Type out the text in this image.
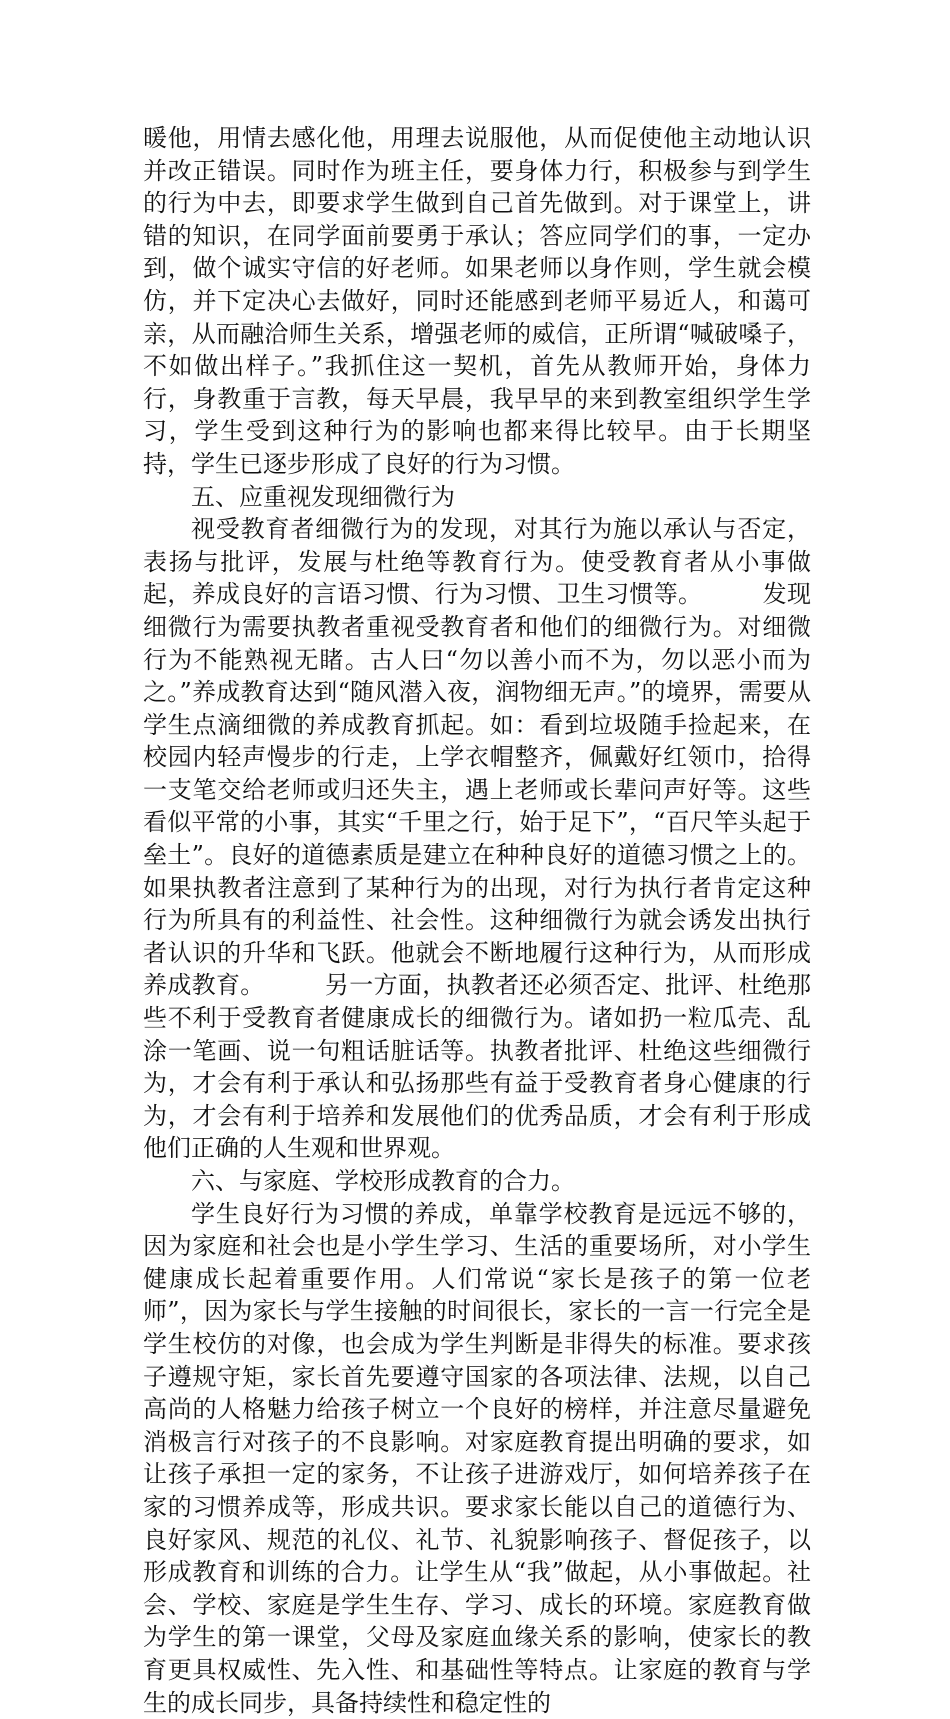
暖他，用情去感化他，用理去说服他，从而促使他主动地认识并改正错误。同时作为班主任，要身体力行，积极参与到学生的行为中去，即要求学生做到自己首先做到。对于课堂上，讲错的知识，在同学面前要勇于承认；答应同学们的事，一定办到，做个诚实守信的好老师。如果老师以身作则，学生就会模仿，并下定决心去做好，同时还能感到老师平易近人，和蔼可亲，从而融洽师生关系，增强老师的威信，正所谓“喊破嗓子，不如做出样子。”我抓住这一契机，首先从教师开始，身体力行，身教重于言教，每天早晨，我早早的来到教室组织学生学习，学生受到这种行为的影响也都来得比较早。由于长期坚持，学生已逐步形成了良好的行为习惯。

五、应重视发现细微行为

视受教育者细微行为的发现，对其行为施以承认与否定，表扬与批评，发展与杜绝等教育行为。使受教育者从小事做起，养成良好的言语习惯、行为习惯、卫生习惯等。	发现细微行为需要执教者重视受教育者和他们的细微行为。对细微行为不能熟视无睹。古人曰“勿以善小而不为，勿以恶小而为之。”养成教育达到“随风潜入夜，润物细无声。”的境界，需要从学生点滴细微的养成教育抓起。如：看到垃圾随手捡起来，在校园内轻声慢步的行走，上学衣帽整齐，佩戴好红领巾，拾得一支笔交给老师或归还失主，遇上老师或长辈问声好等。这些看似平常的小事，其实“千里之行，始于足下”，“百尺竿头起于垒土”。良好的道德素质是建立在种种良好的道德习惯之上的。如果执教者注意到了某种行为的出现，对行为执行者肯定这种行为所具有的利益性、社会性。这种细微行为就会诱发出执行者认识的升华和飞跃。他就会不断地履行这种行为，从而形成养成教育。	另一方面，执教者还必须否定、批评、杜绝那些不利于受教育者健康成长的细微行为。诸如扔一粒瓜壳、乱涂一笔画、说一句粗话脏话等。执教者批评、杜绝这些细微行为，才会有利于承认和弘扬那些有益于受教育者身心健康的行为，才会有利于培养和发展他们的优秀品质，才会有利于形成他们正确的人生观和世界观。

六、与家庭、学校形成教育的合力。

学生良好行为习惯的养成，单靠学校教育是远远不够的，因为家庭和社会也是小学生学习、生活的重要场所，对小学生健康成长起着重要作用。人们常说“家长是孩子的第一位老师”，因为家长与学生接触的时间很长，家长的一言一行完全是学生校仿的对像，也会成为学生判断是非得失的标准。要求孩子遵规守矩，家长首先要遵守国家的各项法律、法规，以自己高尚的人格魅力给孩子树立一个良好的榜样，并注意尽量避免消极言行对孩子的不良影响。对家庭教育提出明确的要求，如让孩子承担一定的家务，不让孩子进游戏厅，如何培养孩子在家的习惯养成等，形成共识。要求家长能以自己的道德行为、良好家风、规范的礼仪、礼节、礼貌影响孩子、督促孩子，以形成教育和训练的合力。让学生从“我”做起，从小事做起。社会、学校、家庭是学生生存、学习、成长的环境。家庭教育做为学生的第一课堂，父母及家庭血缘关系的影响，使家长的教育更具权威性、先入性、和基础性等特点。让家庭的教育与学生的成长同步，具备持续性和稳定性的
